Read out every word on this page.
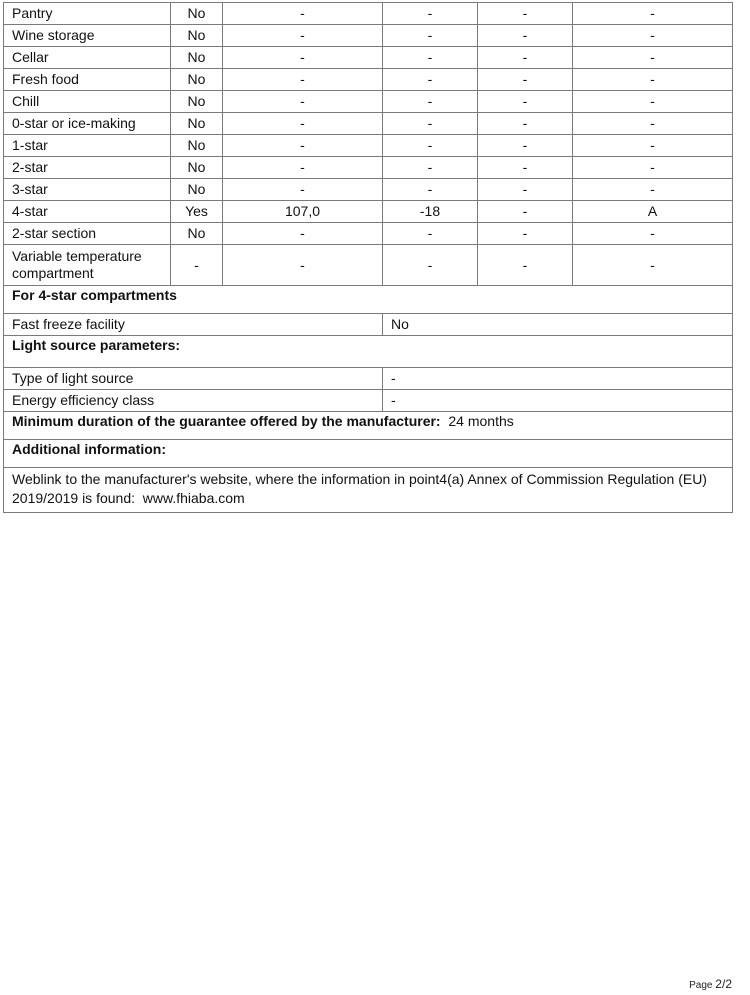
Pantry	No	-	-	-	-
Wine storage	No	-	-	-	-
Cellar	No	-	-	-	-
Fresh food	No	-	-	-	-
Chill	No	-	-	-	-
0-star or ice-making	No	-	-	-	-
1-star	No	-	-	-	-
2-star	No	-	-	-	-
3-star	No	-	-	-	-
4-star	Yes	107,0	-18	-	A
2-star section	No	-	-	-	-
Variable temperature compartment	-	-	-	-	-
For 4-star compartments					
Fast freeze facility			No		
Light source parameters:					
Type of light source			-		
Energy efficiency class			-		
Minimum duration of the guarantee offered by the manufacturer: 24 months					
Additional information:					
Weblink to the manufacturer's website, where the information in point4(a) Annex of Commission Regulation (EU) 2019/2019 is found: www.fhiaba.com					
Page 2/2
